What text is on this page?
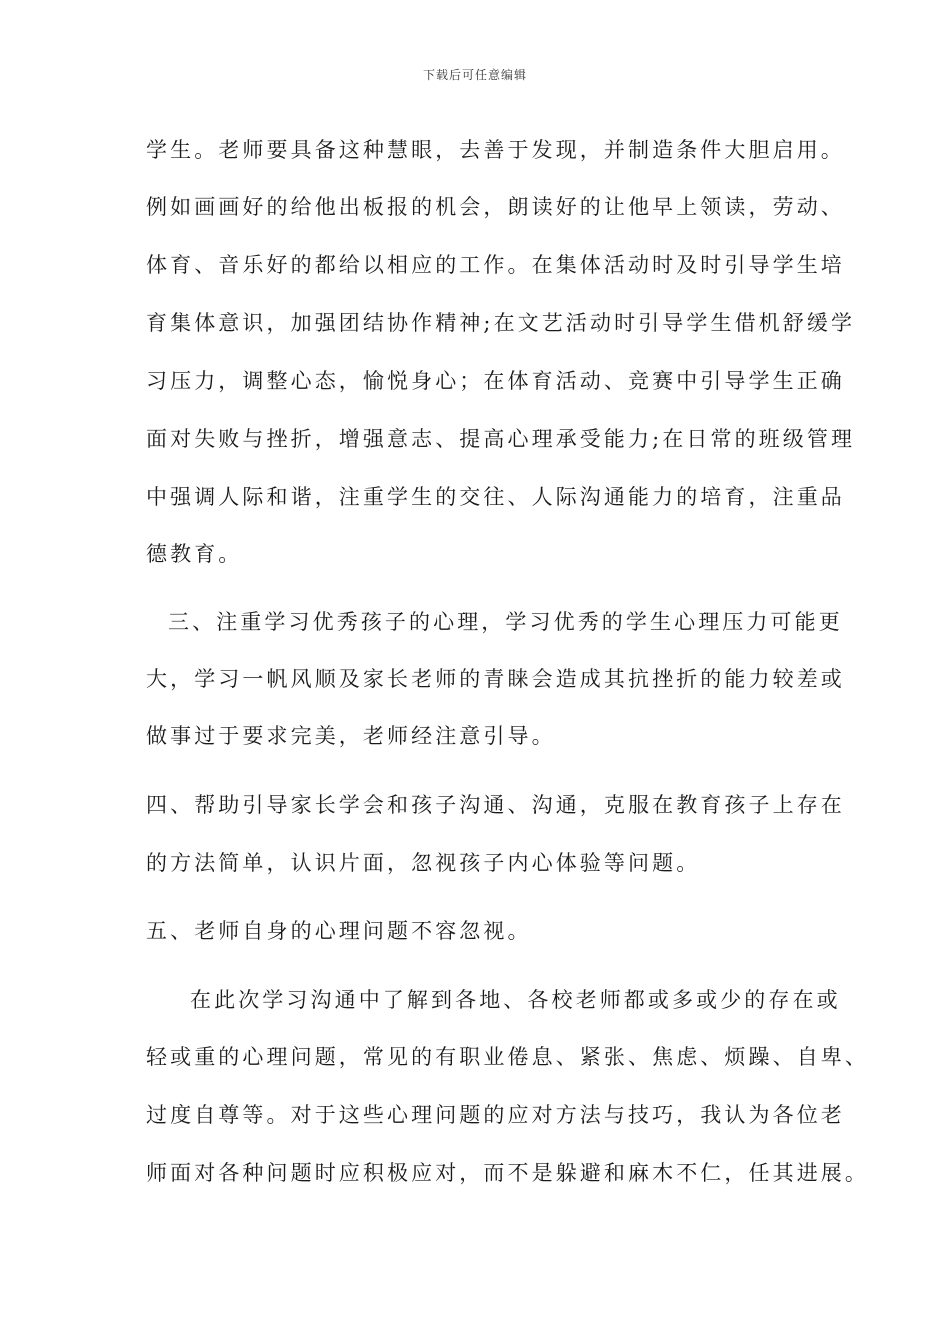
下载后可任意编辑
学生。老师要具备这种慧眼，去善于发现，并制造条件大胆启用。
例如画画好的给他出板报的机会，朗读好的让他早上领读，劳动、
体育、音乐好的都给以相应的工作。在集体活动时及时引导学生培
育集体意识，加强团结协作精神;在文艺活动时引导学生借机舒缓学
习压力，调整心态，愉悦身心；在体育活动、竞赛中引导学生正确
面对失败与挫折，增强意志、提高心理承受能力;在日常的班级管理
中强调人际和谐，注重学生的交往、人际沟通能力的培育，注重品
德教育。
三、注重学习优秀孩子的心理，学习优秀的学生心理压力可能更
大，学习一帆风顺及家长老师的青睐会造成其抗挫折的能力较差或
做事过于要求完美，老师经注意引导。
四、帮助引导家长学会和孩子沟通、沟通，克服在教育孩子上存在
的方法简单，认识片面，忽视孩子内心体验等问题。
五、老师自身的心理问题不容忽视。
在此次学习沟通中了解到各地、各校老师都或多或少的存在或
轻或重的心理问题，常见的有职业倦息、紧张、焦虑、烦躁、自卑、
过度自尊等。对于这些心理问题的应对方法与技巧，我认为各位老
师面对各种问题时应积极应对，而不是躲避和麻木不仁，任其进展。
